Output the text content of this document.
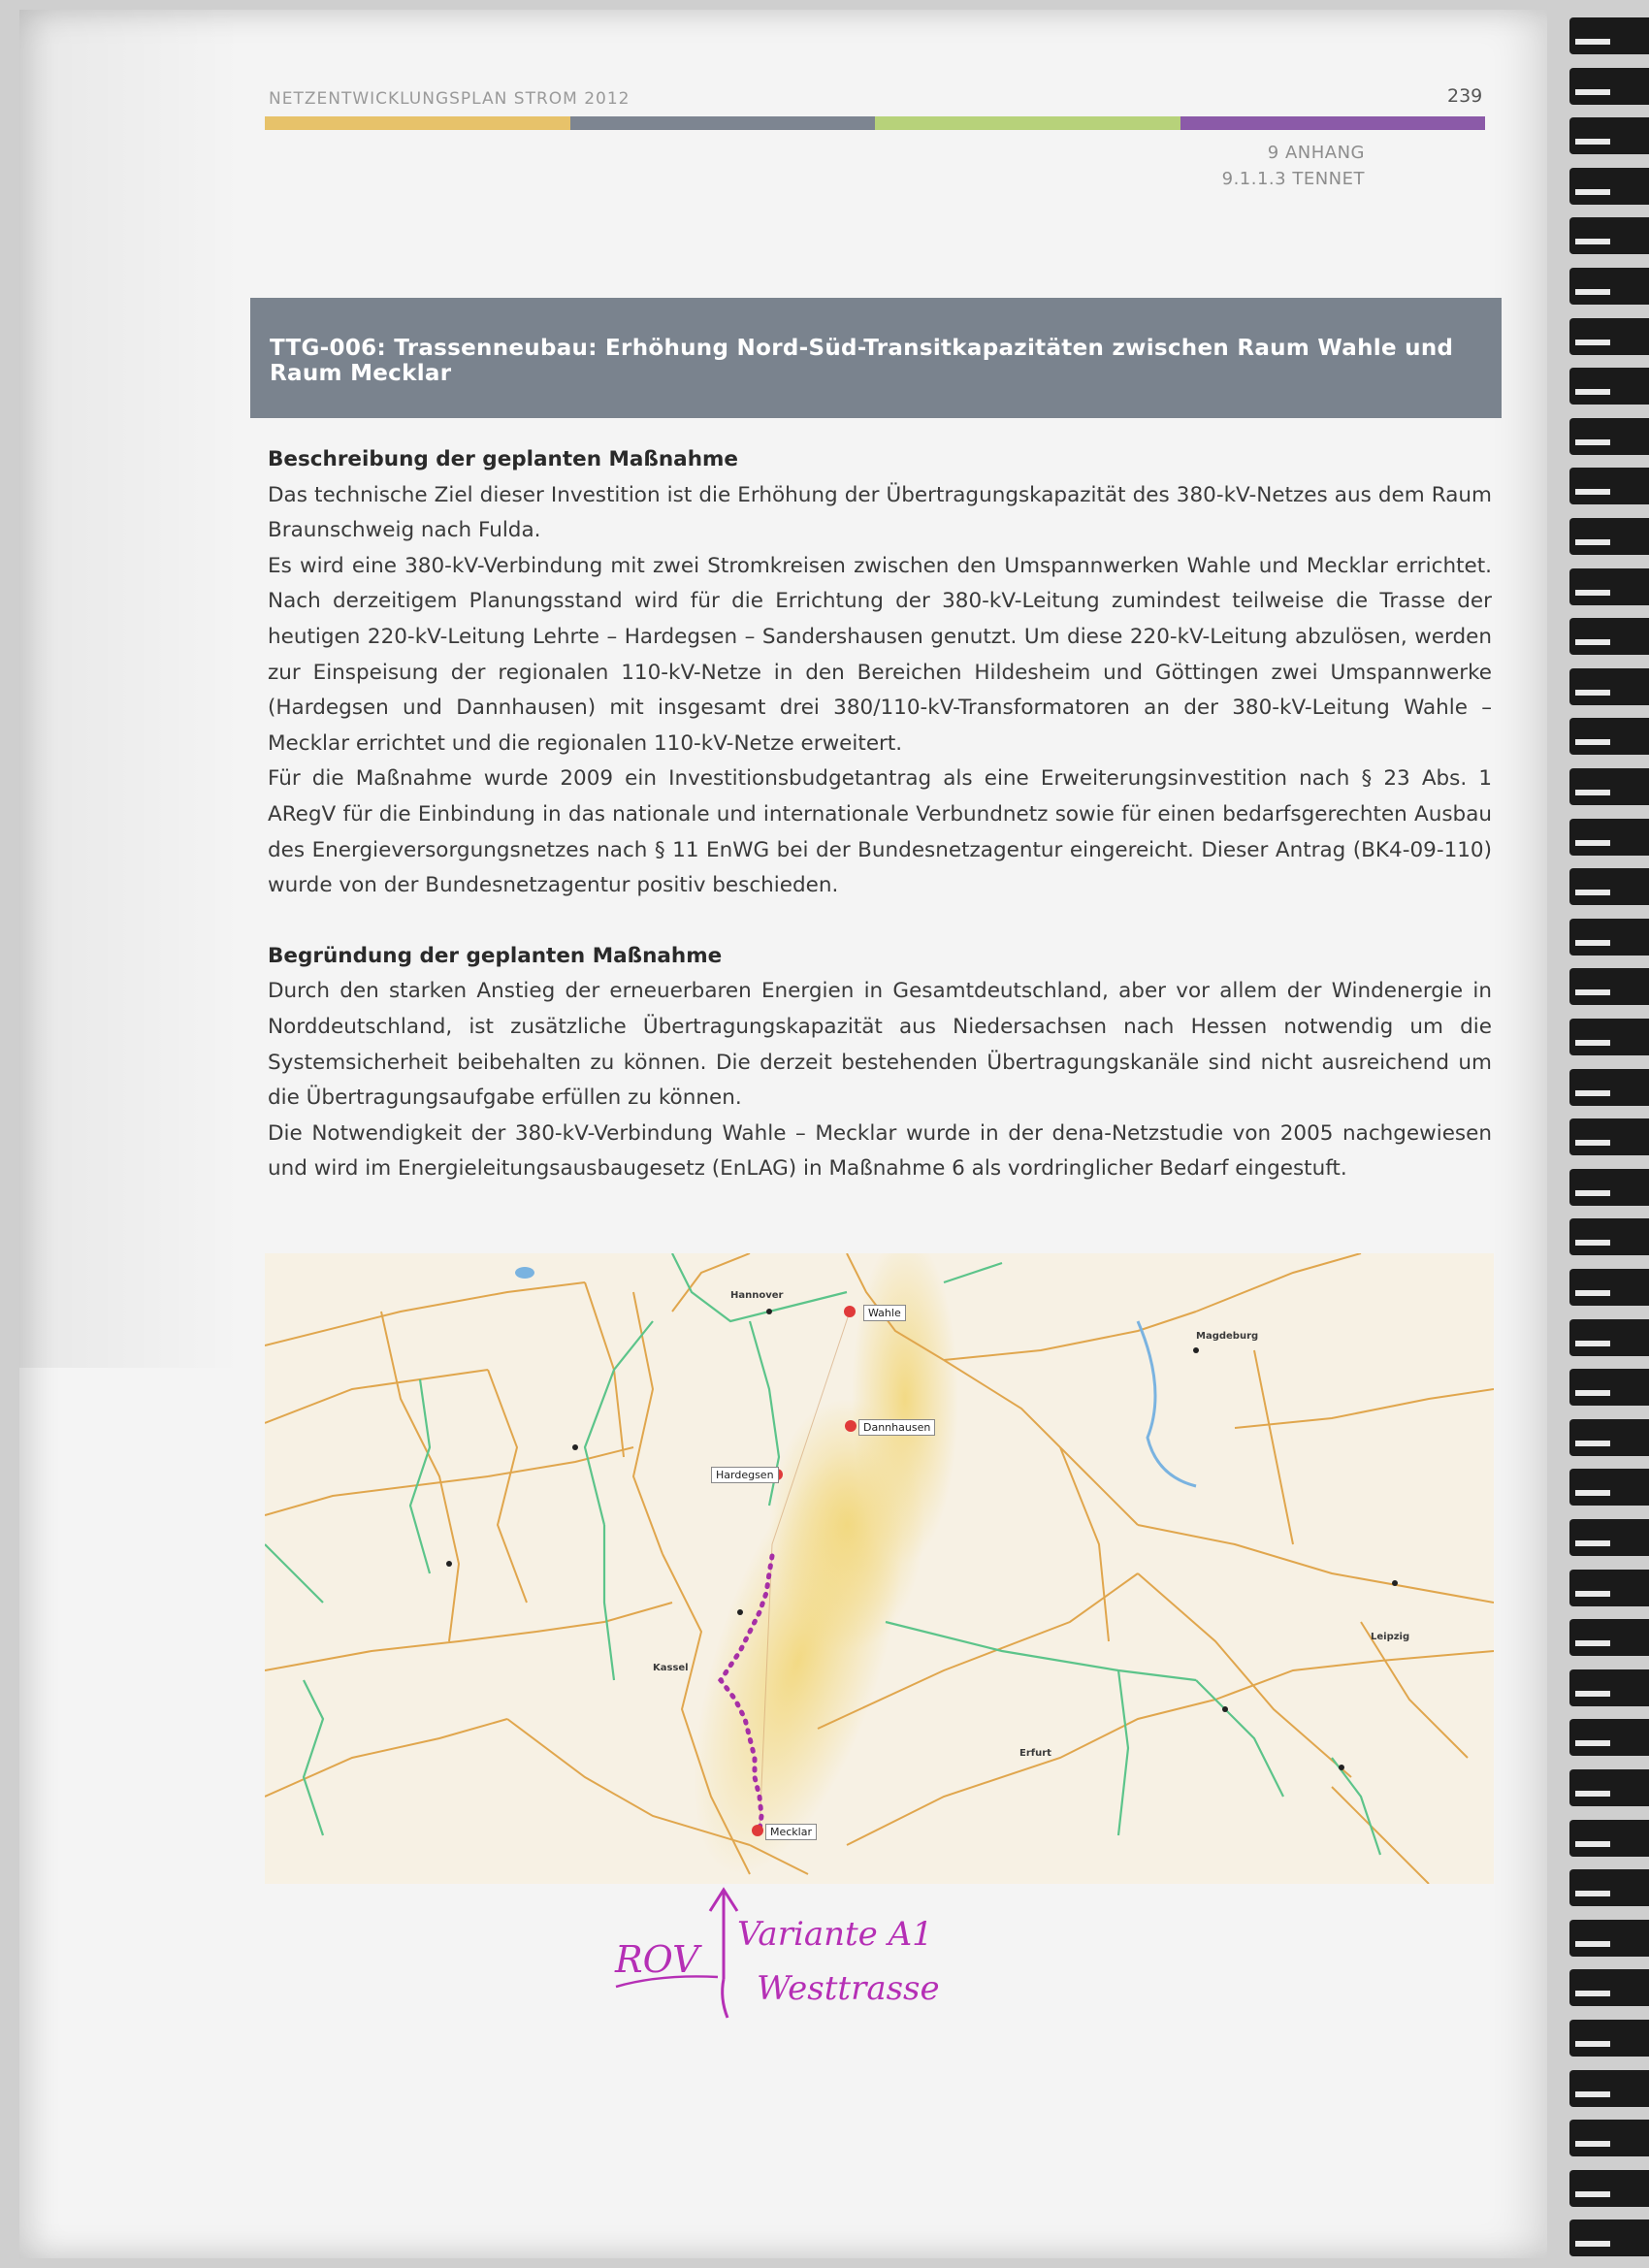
NETZENTWICKLUNGSPLAN STROM 2012	239
9 ANHANG
9.1.1.3 TENNET
TTG-006: Trassenneubau: Erhöhung Nord-Süd-Transitkapazitäten zwischen Raum Wahle und Raum Mecklar
Beschreibung der geplanten Maßnahme

Das technische Ziel dieser Investition ist die Erhöhung der Übertragungskapazität des 380-kV-Netzes aus dem Raum Braunschweig nach Fulda.

Es wird eine 380-kV-Verbindung mit zwei Stromkreisen zwischen den Umspannwerken Wahle und Mecklar errichtet. Nach derzeitigem Planungsstand wird für die Errichtung der 380-kV-Leitung zumindest teilweise die Trasse der heutigen 220-kV-Leitung Lehrte – Hardegsen – Sandershausen genutzt. Um diese 220-kV-Leitung abzulösen, werden zur Einspeisung der regionalen 110-kV-Netze in den Bereichen Hildesheim und Göttingen zwei Umspannwerke (Hardegsen und Dannhausen) mit insgesamt drei 380/110-kV-Transformatoren an der 380-kV-Leitung Wahle – Mecklar errichtet und die regionalen 110-kV-Netze erweitert.

Für die Maßnahme wurde 2009 ein Investitionsbudgetantrag als eine Erweiterungsinvestition nach § 23 Abs. 1 ARegV für die Einbindung in das nationale und internationale Verbundnetz sowie für einen bedarfsgerechten Ausbau des Energieversorgungsnetzes nach § 11 EnWG bei der Bundesnetzagentur eingereicht. Dieser Antrag (BK4-09-110) wurde von der Bundesnetzagentur positiv beschieden.

Begründung der geplanten Maßnahme

Durch den starken Anstieg der erneuerbaren Energien in Gesamtdeutschland, aber vor allem der Windenergie in Norddeutschland, ist zusätzliche Übertragungskapazität aus Niedersachsen nach Hessen notwendig um die Systemsicherheit beibehalten zu können. Die derzeit bestehenden Übertragungskanäle sind nicht ausreichend um die Übertragungsaufgabe erfüllen zu können.

Die Notwendigkeit der 380-kV-Verbindung Wahle – Mecklar wurde in der dena-Netzstudie von 2005 nachgewiesen und wird im Energieleitungsausbaugesetz (EnLAG) in Maßnahme 6 als vordringlicher Bedarf eingestuft.

Wahle
Dannhausen
Hardegsen
Mecklar
Hannover
Magdeburg
Kassel
Leipzig
Erfurt
ROV
Variante A1
Westtrasse
